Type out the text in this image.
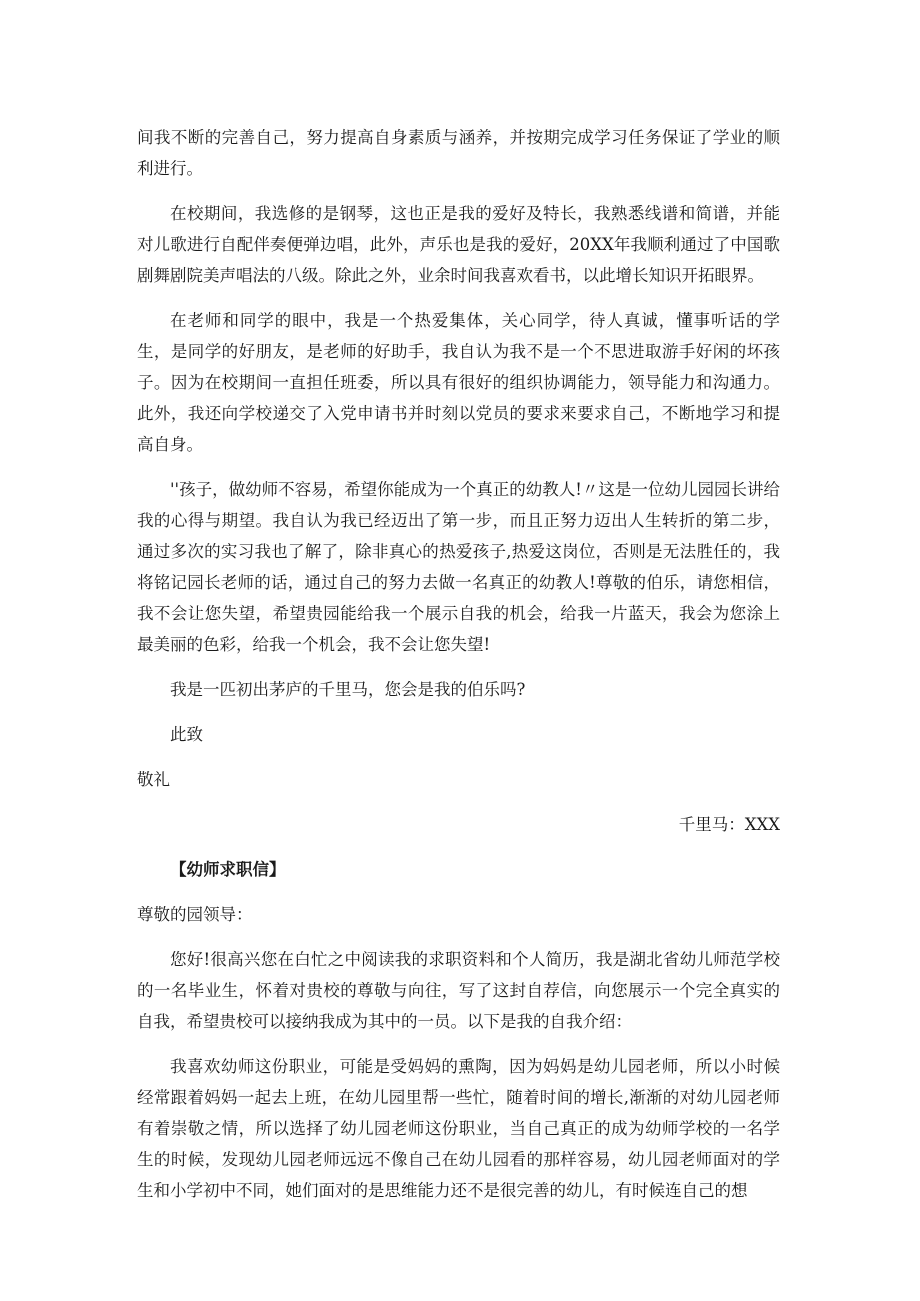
间我不断的完善自己，努力提高自身素质与涵养，并按期完成学习任务保证了学业的顺利进行。

在校期间，我选修的是钢琴，这也正是我的爱好及特长，我熟悉线谱和简谱，并能对儿歌进行自配伴奏便弹边唱，此外，声乐也是我的爱好，20XX年我顺利通过了中国歌剧舞剧院美声唱法的八级。除此之外，业余时间我喜欢看书，以此增长知识开拓眼界。

在老师和同学的眼中，我是一个热爱集体，关心同学，待人真诚，懂事听话的学生，是同学的好朋友，是老师的好助手，我自认为我不是一个不思进取游手好闲的坏孩子。因为在校期间一直担任班委，所以具有很好的组织协调能力，领导能力和沟通力。此外，我还向学校递交了入党申请书并时刻以党员的要求来要求自己，不断地学习和提高自身。

''孩子，做幼师不容易，希望你能成为一个真正的幼教人!〃这是一位幼儿园园长讲给我的心得与期望。我自认为我已经迈出了第一步，而且正努力迈出人生转折的第二步，通过多次的实习我也了解了，除非真心的热爱孩子,热爱这岗位，否则是无法胜任的，我将铭记园长老师的话，通过自己的努力去做一名真正的幼教人!尊敬的伯乐，请您相信，我不会让您失望，希望贵园能给我一个展示自我的机会，给我一片蓝天，我会为您涂上最美丽的色彩，给我一个机会，我不会让您失望!

我是一匹初出茅庐的千里马，您会是我的伯乐吗?

此致

敬礼

千里马：XXX

【幼师求职信】

尊敬的园领导：

您好!很高兴您在白忙之中阅读我的求职资料和个人简历，我是湖北省幼儿师范学校的一名毕业生，怀着对贵校的尊敬与向往，写了这封自荐信，向您展示一个完全真实的自我，希望贵校可以接纳我成为其中的一员。以下是我的自我介绍：

我喜欢幼师这份职业，可能是受妈妈的熏陶，因为妈妈是幼儿园老师，所以小时候经常跟着妈妈一起去上班，在幼儿园里帮一些忙，随着时间的增长,渐渐的对幼儿园老师有着崇敬之情，所以选择了幼儿园老师这份职业，当自己真正的成为幼师学校的一名学生的时候，发现幼儿园老师远远不像自己在幼儿园看的那样容易，幼儿园老师面对的学生和小学初中不同，她们面对的是思维能力还不是很完善的幼儿，有时候连自己的想
